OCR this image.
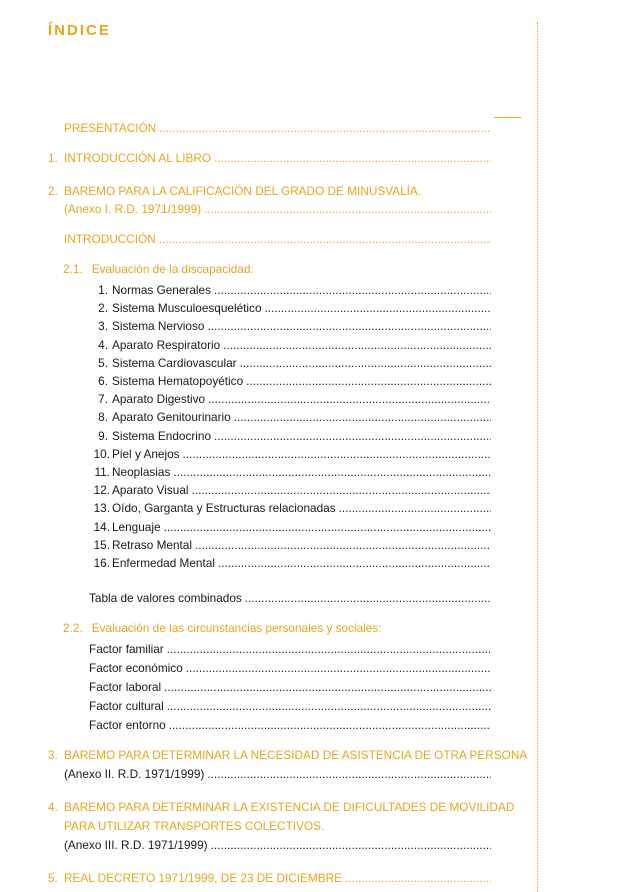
ÍNDICE
PRESENTACIÓN
.....
1. INTRODUCCIÓN AL LIBRO
.....
2. BAREMO PARA LA CALIFICACIÓN DEL GRADO DE MINUSVALÍA.
(Anexo I. R.D. 1971/1999)
.....
INTRODUCCIÓN
.....
2.1. Evaluación de la discapacidad:
1. Normas Generales
.....
2. Sistema Musculoesquelético
.....
3. Sistema Nervioso
.....
4. Aparato Respiratorio
.....
5. Sistema Cardiovascular
.....
6. Sistema Hematopoyético
.....
7. Aparato Digestivo
.....
8. Aparato Genitourinario
.....
9. Sistema Endocrino
.....
10. Piel y Anejos
.....
11. Neoplasias
.....
12. Aparato Visual
.....
13. Oído, Garganta y Estructuras relacionadas
.....
14. Lenguaje
.....
15. Retraso Mental
.....
16. Enfermedad Mental
.....
Tabla de valores combinados
.....
2.2. Evaluación de las circunstancias personales y sociales:
Factor familiar
.....
Factor económico
.....
Factor laboral
.....
Factor cultural
.....
Factor entorno
.....
3. BAREMO PARA DETERMINAR LA NECESIDAD DE ASISTENCIA DE OTRA PERSONA
(Anexo II. R.D. 1971/1999)
.....
4. BAREMO PARA DETERMINAR LA EXISTENCIA DE DIFICULTADES DE MOVILIDAD
PARA UTILIZAR TRANSPORTES COLECTIVOS.
(Anexo III. R.D. 1971/1999)
.....
5. REAL DECRETO 1971/1999, DE 23 DE DICIEMBRE
.....
